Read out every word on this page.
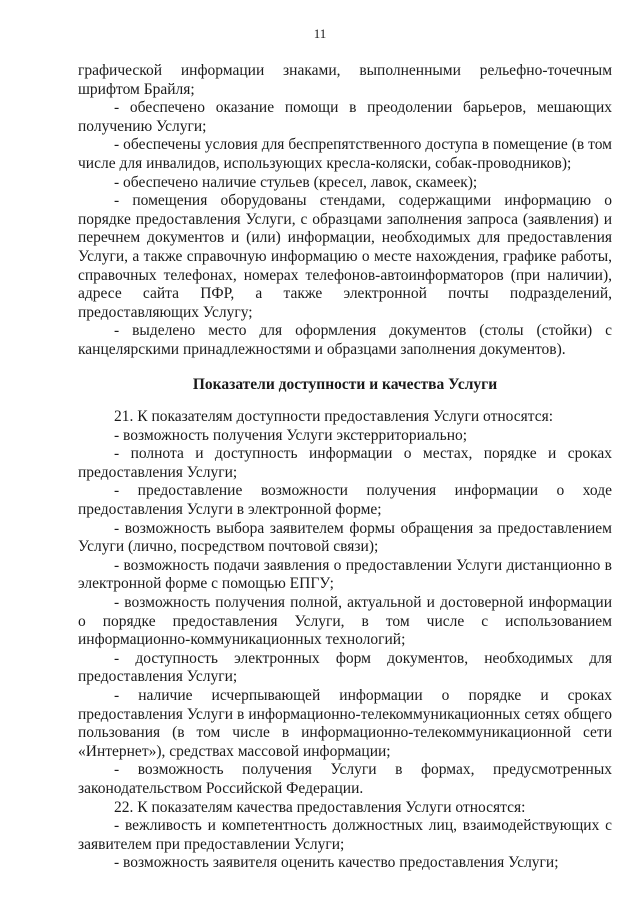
11

графической информации знаками, выполненными рельефно-точечным шрифтом Брайля;

- обеспечено оказание помощи в преодолении барьеров, мешающих получению Услуги;

- обеспечены условия для беспрепятственного доступа в помещение (в том числе для инвалидов, использующих кресла-коляски, собак-проводников);

- обеспечено наличие стульев (кресел, лавок, скамеек);

- помещения оборудованы стендами, содержащими информацию о порядке предоставления Услуги, с образцами заполнения запроса (заявления) и перечнем документов и (или) информации, необходимых для предоставления Услуги, а также справочную информацию о месте нахождения, графике работы, справочных телефонах, номерах телефонов-автоинформаторов (при наличии), адресе сайта ПФР, а также электронной почты подразделений, предоставляющих Услугу;

- выделено место для оформления документов (столы (стойки) с канцелярскими принадлежностями и образцами заполнения документов).

Показатели доступности и качества Услуги

21. К показателям доступности предоставления Услуги относятся:

- возможность получения Услуги экстерриториально;

- полнота и доступность информации о местах, порядке и сроках предоставления Услуги;

- предоставление возможности получения информации о ходе предоставления Услуги в электронной форме;

- возможность выбора заявителем формы обращения за предоставлением Услуги (лично, посредством почтовой связи);

- возможность подачи заявления о предоставлении Услуги дистанционно в электронной форме с помощью ЕПГУ;

- возможность получения полной, актуальной и достоверной информации о порядке предоставления Услуги, в том числе с использованием информационно-коммуникационных технологий;

- доступность электронных форм документов, необходимых для предоставления Услуги;

- наличие исчерпывающей информации о порядке и сроках предоставления Услуги в информационно-телекоммуникационных сетях общего пользования (в том числе в информационно-телекоммуникационной сети «Интернет»), средствах массовой информации;

- возможность получения Услуги в формах, предусмотренных законодательством Российской Федерации.

22. К показателям качества предоставления Услуги относятся:

- вежливость и компетентность должностных лиц, взаимодействующих с заявителем при предоставлении Услуги;

- возможность заявителя оценить качество предоставления Услуги;
